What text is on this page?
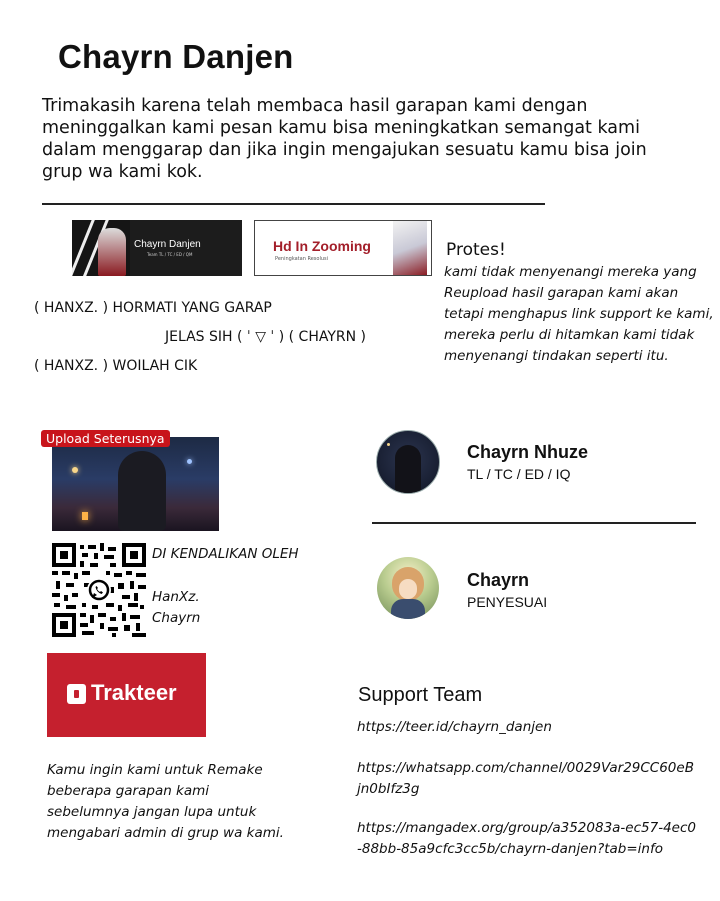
Chayrn Danjen
Trimakasih karena telah membaca hasil garapan kami dengan meninggalkan kami pesan kamu bisa meningkatkan semangat kami dalam menggarap dan jika ingin mengajukan sesuatu kamu bisa join grup wa kami kok.
Chayrn Danjen
Team TL / TC / ED / QM
Hd In Zooming
Peningkatan Resolusi	Protes!
kami tidak menyenangi mereka yang Reupload hasil garapan kami akan tetapi menghapus link support ke kami, mereka perlu di hitamkan kami tidak menyenangi tindakan seperti itu.
( HANXZ. ) HORMATI YANG GARAP
JELAS SIH ( ˈ ▽ ˈ ) ( CHAYRN )
( HANXZ. ) WOILAH CIK
Upload Seterusnya
DI KENDALIKAN OLEH
HanXz.
Chayrn
Trakteer
Kamu ingin kami untuk Remake beberapa garapan kami sebelumnya jangan lupa untuk mengabari admin di grup wa kami.
Chayrn Nhuze
TL / TC / ED / IQ
Chayrn
PENYESUAI
Support Team
https://teer.id/chayrn_danjen
https://whatsapp.com/channel/0029Var29CC60eBjn0bIfz3g
https://mangadex.org/group/a352083a-ec57-4ec0-88bb-85a9cfc3cc5b/chayrn-danjen?tab=info
